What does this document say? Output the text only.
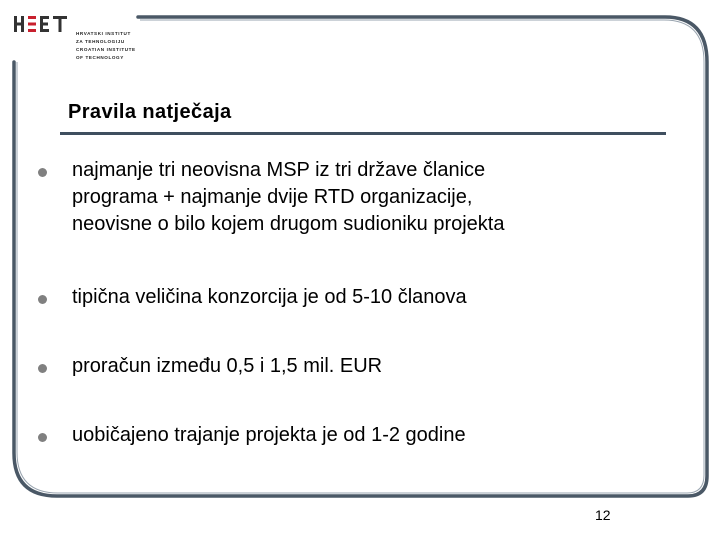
HRVATSKI INSTITUT
ZA TEHNOLOGIJU
CROATIAN INSTITUTE
OF TECHNOLOGY
Pravila natječaja
najmanje tri neovisna MSP iz tri države članice
programa + najmanje dvije RTD organizacije,
neovisne o bilo kojem drugom sudioniku projekta
tipična veličina konzorcija je od 5-10 članova
proračun između 0,5 i 1,5 mil. EUR
uobičajeno trajanje projekta je od 1-2 godine
12
